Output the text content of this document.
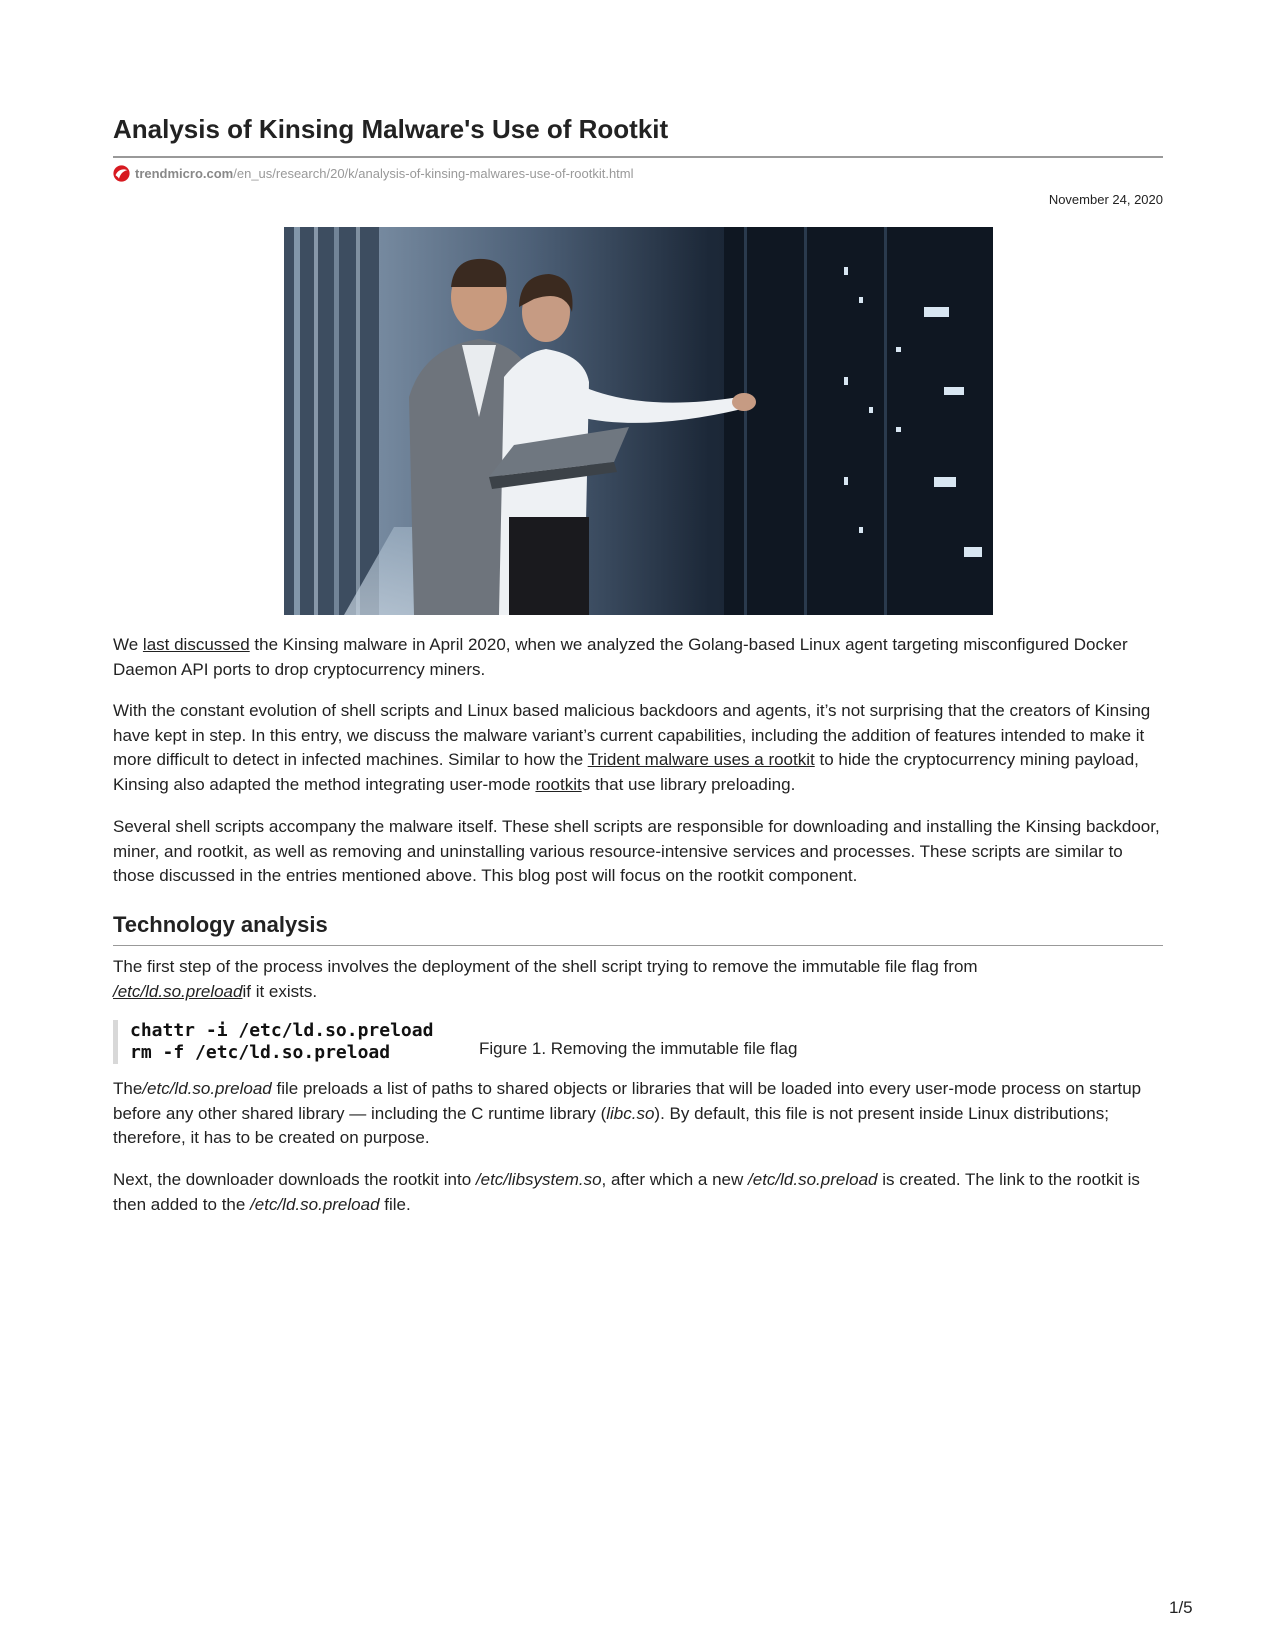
Analysis of Kinsing Malware's Use of Rootkit
trendmicro.com /en_us/research/20/k/analysis-of-kinsing-malwares-use-of-rootkit.html
November 24, 2020

We last discussed the Kinsing malware in April 2020, when we analyzed the Golang-based Linux agent targeting misconfigured Docker Daemon API ports to drop cryptocurrency miners.

With the constant evolution of shell scripts and Linux based malicious backdoors and agents, it’s not surprising that the creators of Kinsing have kept in step. In this entry, we discuss the malware variant’s current capabilities, including the addition of features intended to make it more difficult to detect in infected machines. Similar to how the Trident malware uses a rootkit to hide the cryptocurrency mining payload, Kinsing also adapted the method integrating user-mode rootkits that use library preloading.

Several shell scripts accompany the malware itself. These shell scripts are responsible for downloading and installing the Kinsing backdoor, miner, and rootkit, as well as removing and uninstalling various resource-intensive services and processes. These scripts are similar to those discussed in the entries mentioned above. This blog post will focus on the rootkit component.

Technology analysis

The first step of the process involves the deployment of the shell script trying to remove the immutable file flag from
/etc/ld.so.preloadif it exists.

chattr -i /etc/ld.so.preload
rm -f /etc/ld.so.preload	Figure 1. Removing the immutable file flag

The/etc/ld.so.preload file preloads a list of paths to shared objects or libraries that will be loaded into every user-mode process on startup before any other shared library — including the C runtime library (libc.so). By default, this file is not present inside Linux distributions; therefore, it has to be created on purpose.

Next, the downloader downloads the rootkit into /etc/libsystem.so, after which a new /etc/ld.so.preload is created. The link to the rootkit is then added to the /etc/ld.so.preload file.

1/5
